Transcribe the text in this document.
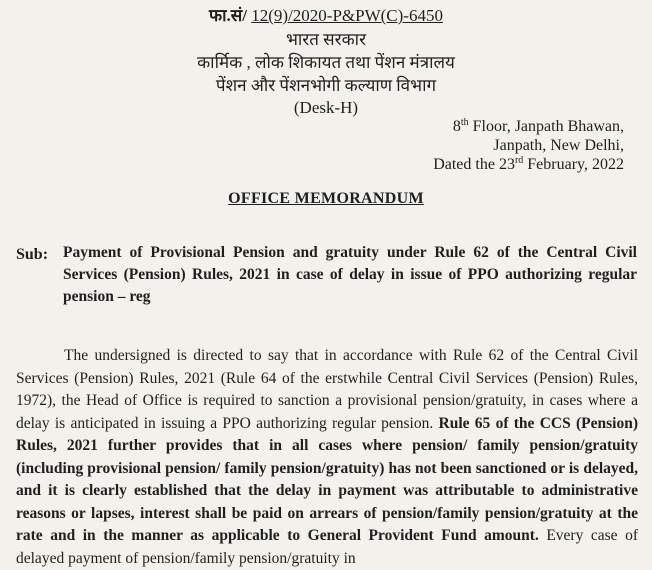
फा.सं/ 12(9)/2020-P&PW(C)-6450
भारत सरकार
कार्मिक , लोक शिकायत तथा पेंशन मंत्रालय
पेंशन और पेंशनभोगी कल्याण विभाग
(Desk-H)
8th Floor, Janpath Bhawan,
Janpath, New Delhi,
Dated the 23rd February, 2022
OFFICE MEMORANDUM
Sub: Payment of Provisional Pension and gratuity under Rule 62 of the Central Civil Services (Pension) Rules, 2021 in case of delay in issue of PPO authorizing regular pension – reg
The undersigned is directed to say that in accordance with Rule 62 of the Central Civil Services (Pension) Rules, 2021 (Rule 64 of the erstwhile Central Civil Services (Pension) Rules, 1972), the Head of Office is required to sanction a provisional pension/gratuity, in cases where a delay is anticipated in issuing a PPO authorizing regular pension. Rule 65 of the CCS (Pension) Rules, 2021 further provides that in all cases where pension/ family pension/gratuity (including provisional pension/ family pension/gratuity) has not been sanctioned or is delayed, and it is clearly established that the delay in payment was attributable to administrative reasons or lapses, interest shall be paid on arrears of pension/family pension/gratuity at the rate and in the manner as applicable to General Provident Fund amount. Every case of delayed payment of pension/family pension/gratuity in
